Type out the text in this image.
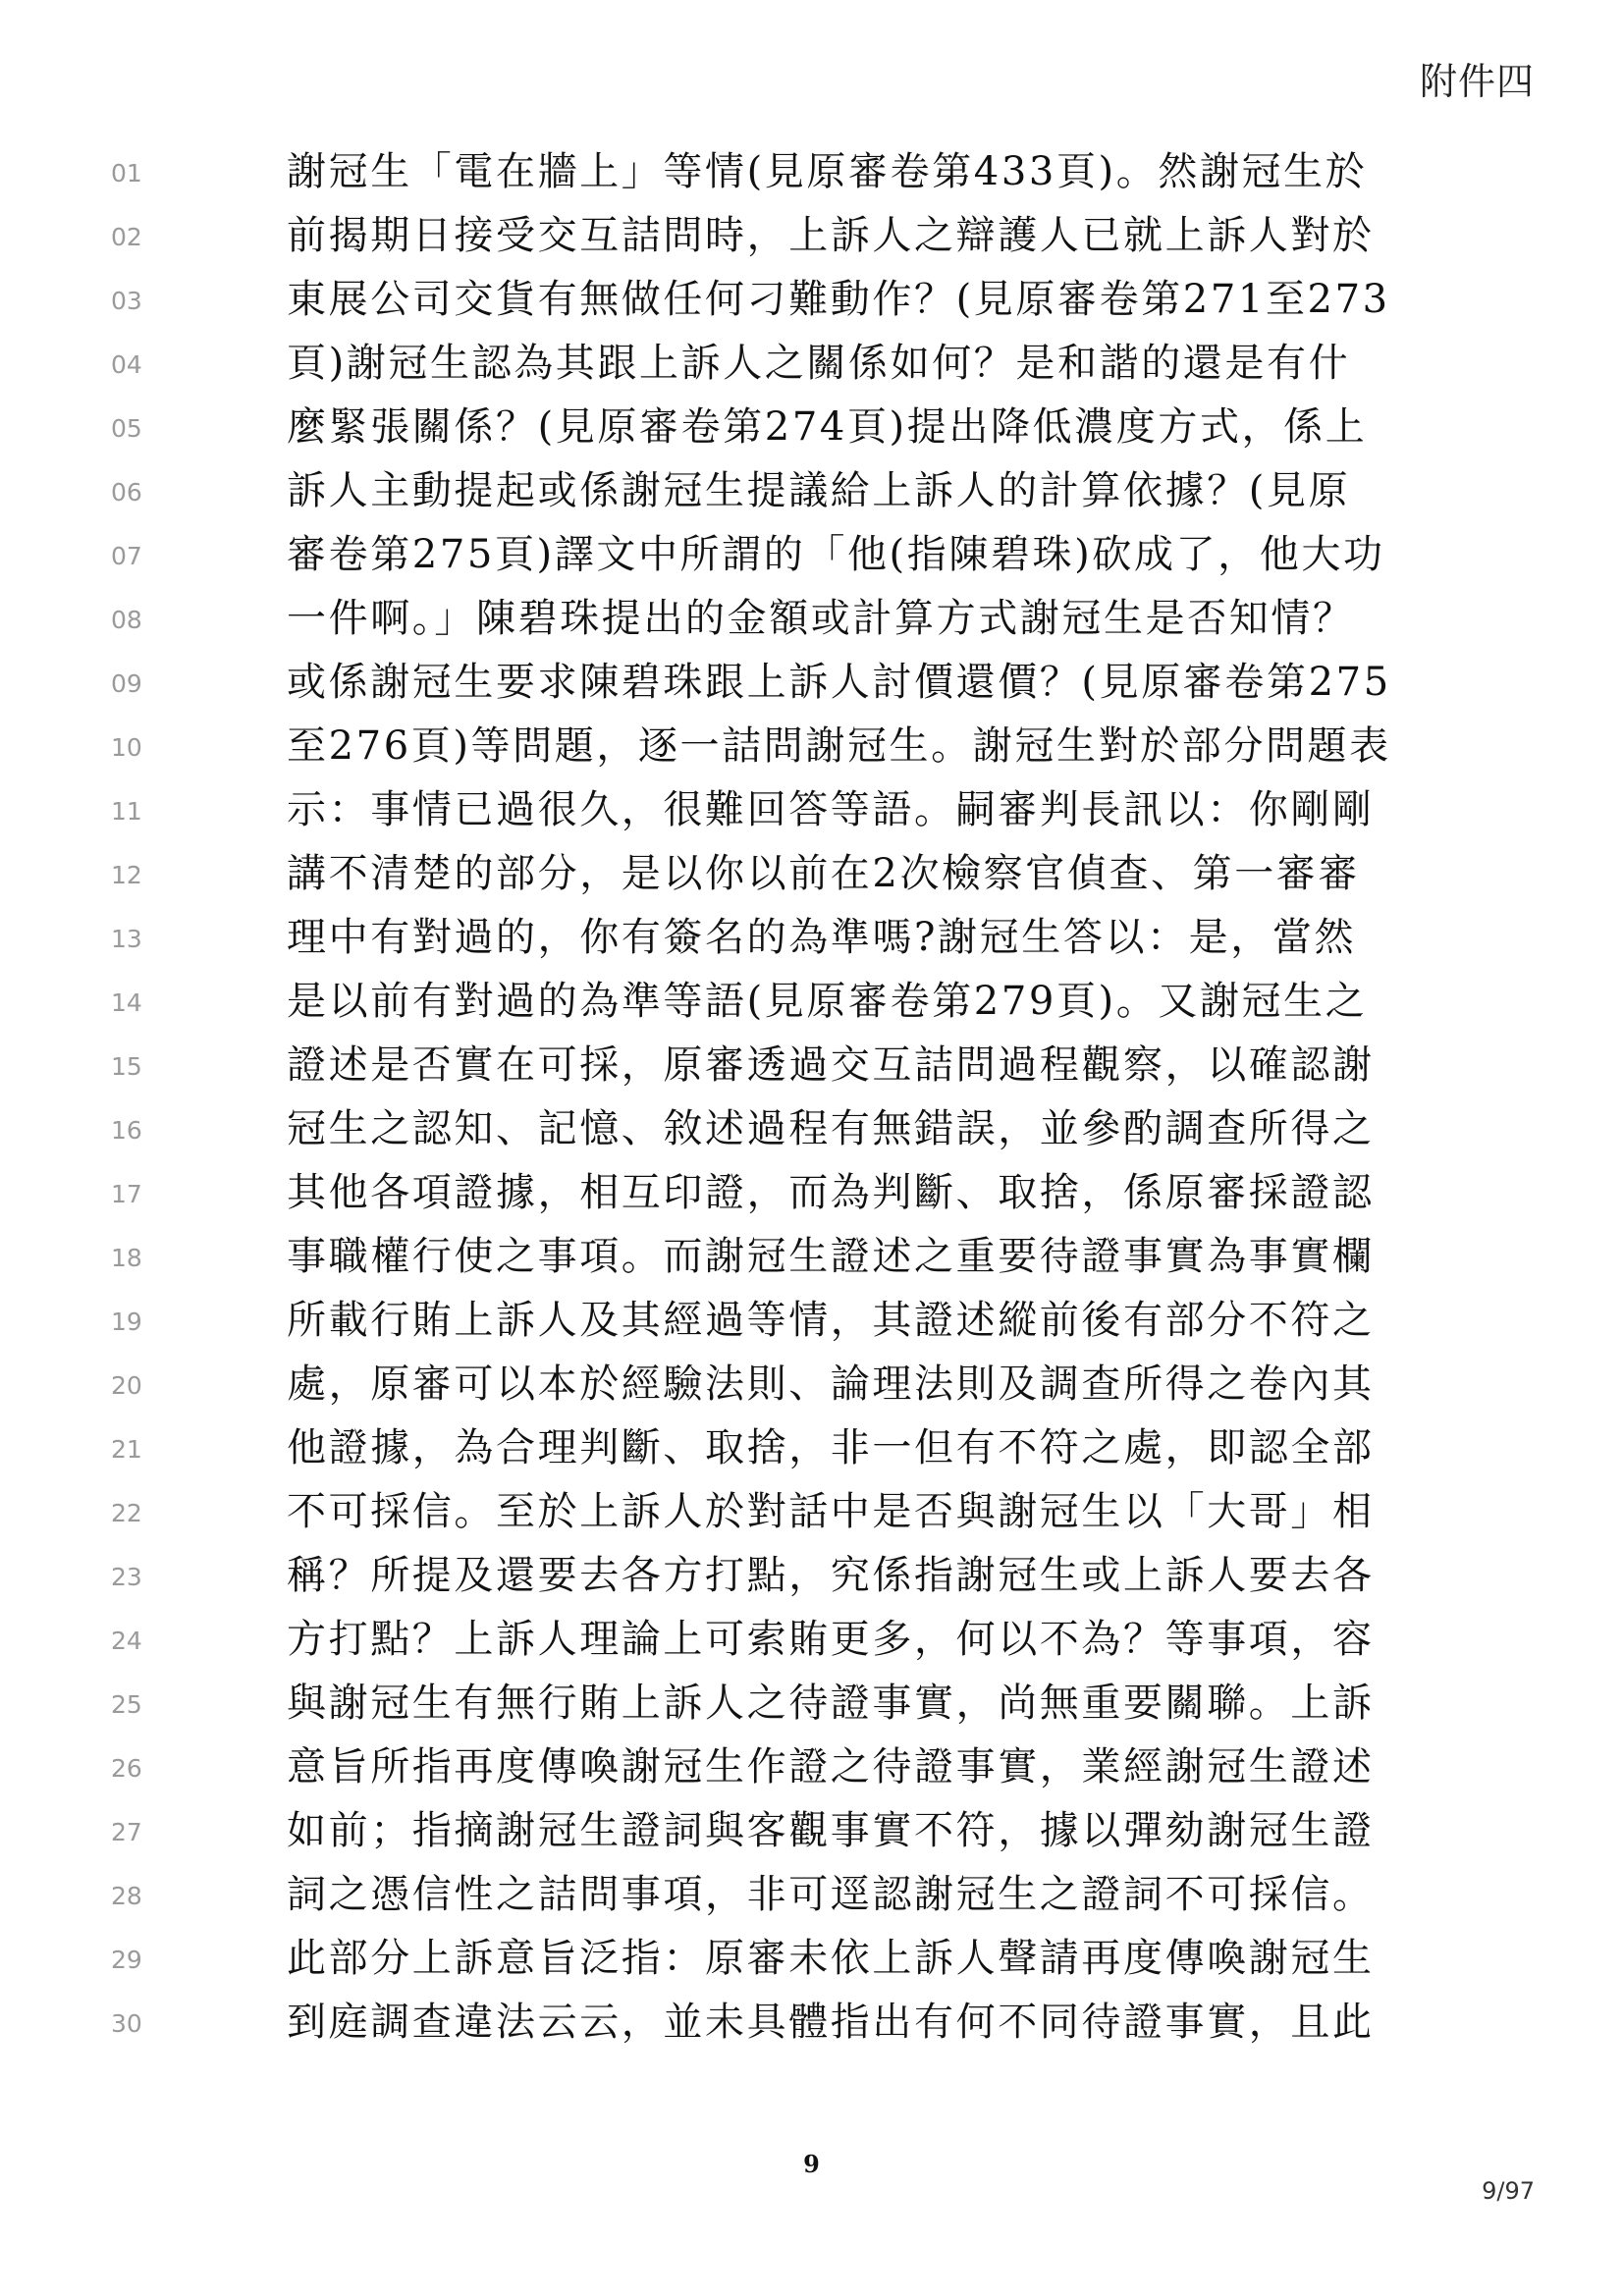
附件四
01	謝冠生「電在牆上」等情(見原審卷第433頁)。然謝冠生於
02	前揭期日接受交互詰問時，上訴人之辯護人已就上訴人對於
03	東展公司交貨有無做任何刁難動作？(見原審卷第271至273
04	頁)謝冠生認為其跟上訴人之關係如何？是和諧的還是有什
05	麼緊張關係？(見原審卷第274頁)提出降低濃度方式，係上
06	訴人主動提起或係謝冠生提議給上訴人的計算依據？(見原
07	審卷第275頁)譯文中所謂的「他(指陳碧珠)砍成了，他大功
08	一件啊。」陳碧珠提出的金額或計算方式謝冠生是否知情？
09	或係謝冠生要求陳碧珠跟上訴人討價還價？(見原審卷第275
10	至276頁)等問題，逐一詰問謝冠生。謝冠生對於部分問題表
11	示：事情已過很久，很難回答等語。嗣審判長訊以：你剛剛
12	講不清楚的部分，是以你以前在2次檢察官偵查、第一審審
13	理中有對過的，你有簽名的為準嗎?謝冠生答以：是，當然
14	是以前有對過的為準等語(見原審卷第279頁)。又謝冠生之
15	證述是否實在可採，原審透過交互詰問過程觀察，以確認謝
16	冠生之認知、記憶、敘述過程有無錯誤，並參酌調查所得之
17	其他各項證據，相互印證，而為判斷、取捨，係原審採證認
18	事職權行使之事項。而謝冠生證述之重要待證事實為事實欄
19	所載行賄上訴人及其經過等情，其證述縱前後有部分不符之
20	處，原審可以本於經驗法則、論理法則及調查所得之卷內其
21	他證據，為合理判斷、取捨，非一但有不符之處，即認全部
22	不可採信。至於上訴人於對話中是否與謝冠生以「大哥」相
23	稱？所提及還要去各方打點，究係指謝冠生或上訴人要去各
24	方打點？上訴人理論上可索賄更多，何以不為？等事項，容
25	與謝冠生有無行賄上訴人之待證事實，尚無重要關聯。上訴
26	意旨所指再度傳喚謝冠生作證之待證事實，業經謝冠生證述
27	如前；指摘謝冠生證詞與客觀事實不符，據以彈劾謝冠生證
28	詞之憑信性之詰問事項，非可逕認謝冠生之證詞不可採信。
29	此部分上訴意旨泛指：原審未依上訴人聲請再度傳喚謝冠生
30	到庭調查違法云云，並未具體指出有何不同待證事實，且此
9
9/97
